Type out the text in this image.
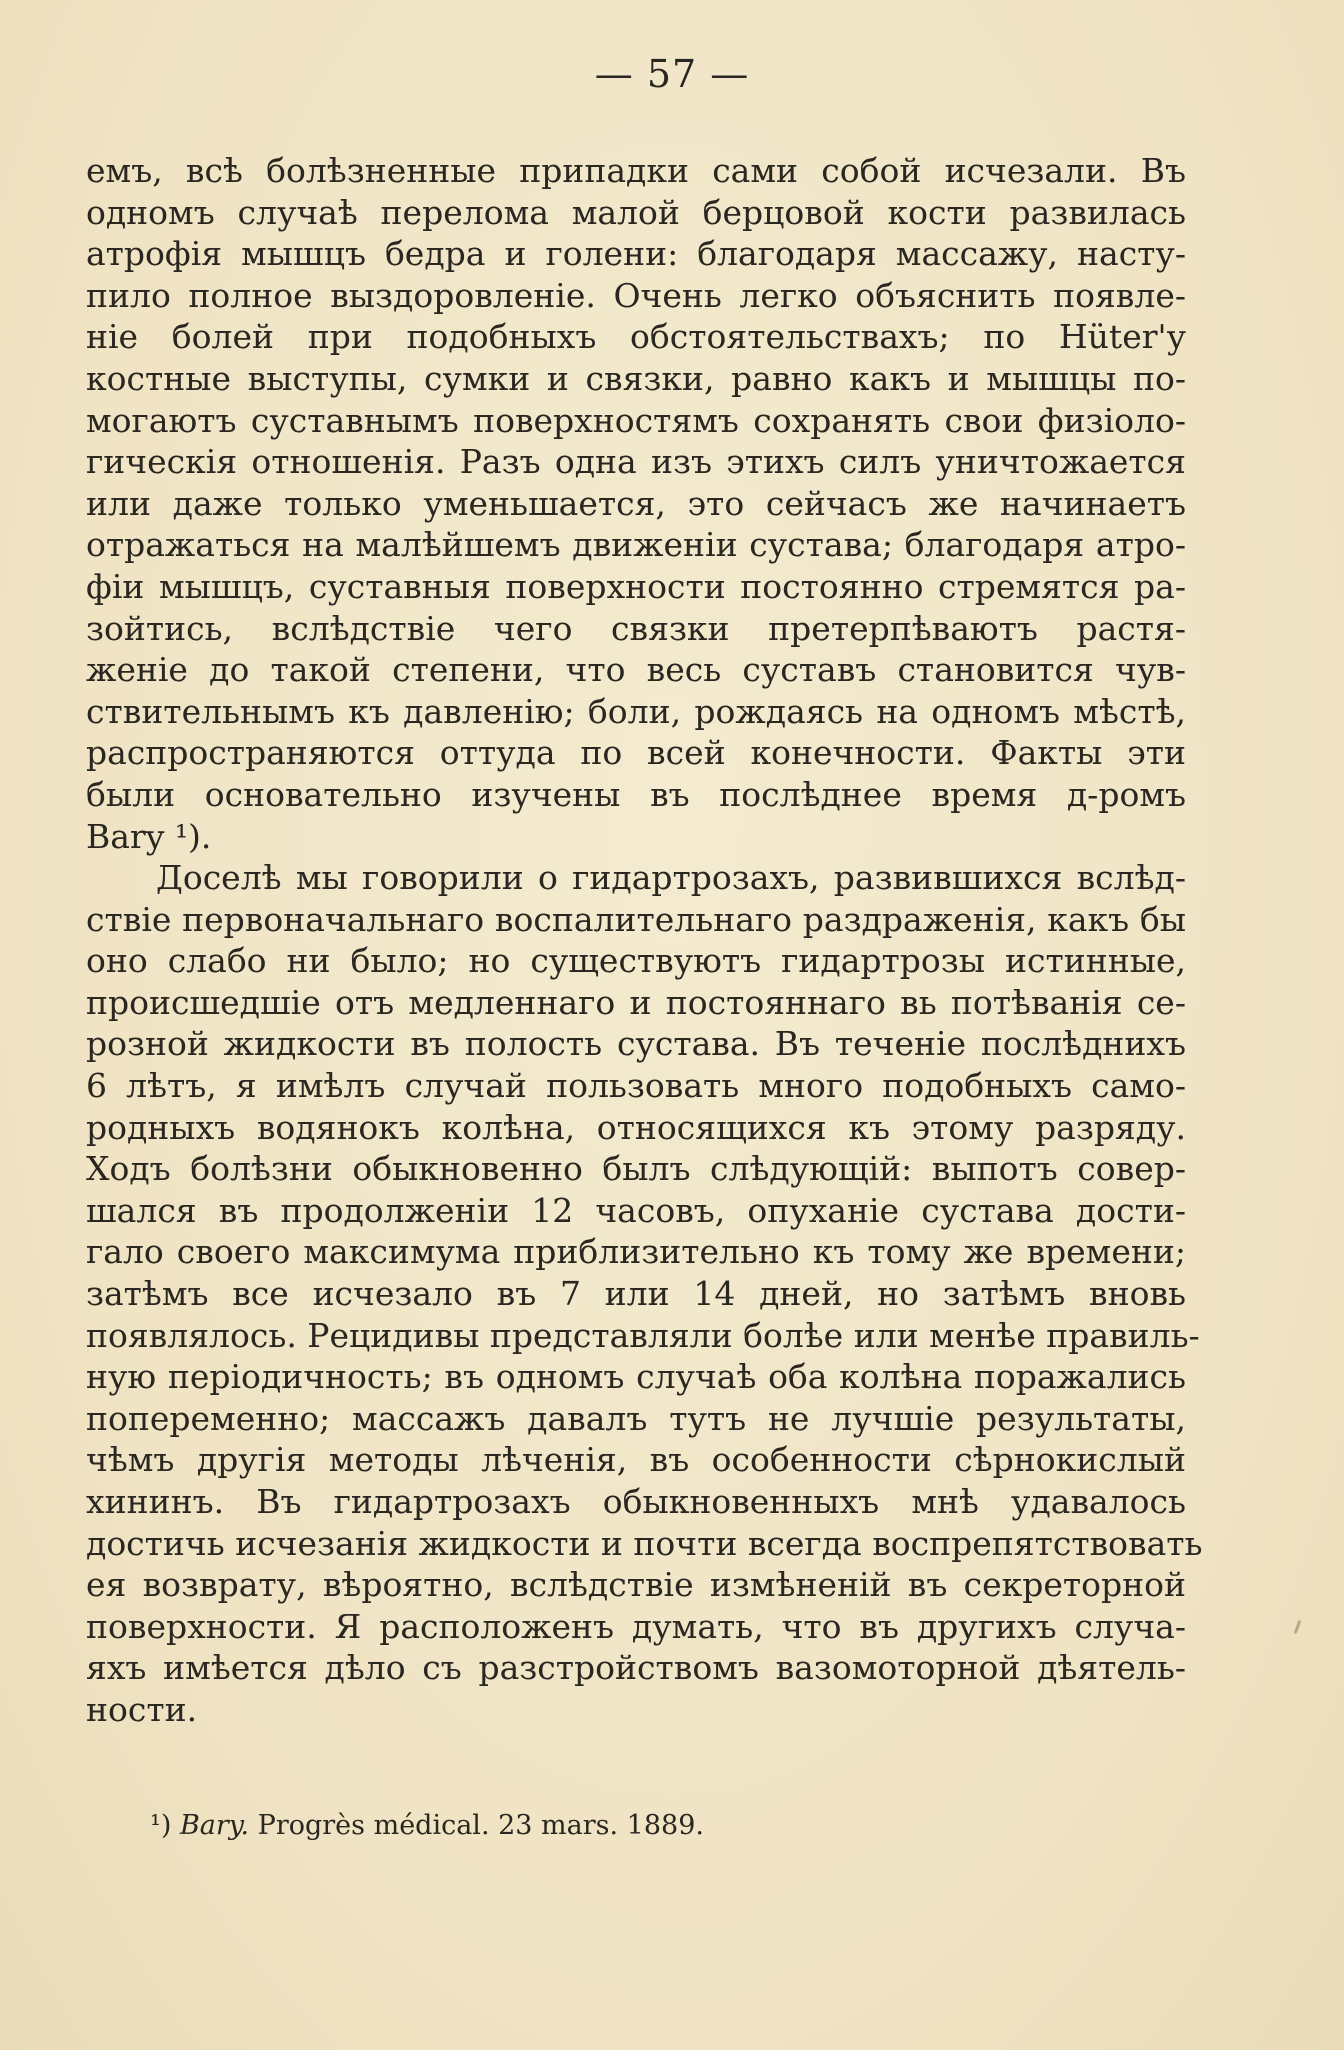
— 57 —
емъ, всѣ болѣзненные припадки сами собой исчезали. Въ
одномъ случаѣ перелома малой берцовой кости развилась
атрофія мышцъ бедра и голени: благодаря массажу, насту-
пило полное выздоровленіе. Очень легко объяснить появле-
ніе болей при подобныхъ обстоятельствахъ; по Hüter'у
костные выступы, сумки и связки, равно какъ и мышцы по-
могаютъ суставнымъ поверхностямъ сохранять свои физіоло-
гическія отношенія. Разъ одна изъ этихъ силъ уничтожается
или даже только уменьшается, это сейчасъ же начинаетъ
отражаться на малѣйшемъ движеніи сустава; благодаря атро-
фіи мышцъ, суставныя поверхности постоянно стремятся ра-
зойтись, вслѣдствіе чего связки претерпѣваютъ растя-
женіе до такой степени, что весь суставъ становится чув-
ствительнымъ къ давленію; боли, рождаясь на одномъ мѣстѣ,
распространяются оттуда по всей конечности. Факты эти
были основательно изучены въ послѣднее время д-ромъ
Bary ¹).
Доселѣ мы говорили о гидартрозахъ, развившихся вслѣд-
ствіе первоначальнаго воспалительнаго раздраженія, какъ бы
оно слабо ни было; но существуютъ гидартрозы истинные,
происшедшіе отъ медленнаго и постояннаго вь потѣванія се-
розной жидкости въ полость сустава. Въ теченіе послѣднихъ
6 лѣтъ, я имѣлъ случай пользовать много подобныхъ само-
родныхъ водянокъ колѣна, относящихся къ этому разряду.
Ходъ болѣзни обыкновенно былъ слѣдующій: выпотъ совер-
шался въ продолженіи 12 часовъ, опуханіе сустава дости-
гало своего максимума приблизительно къ тому же времени;
затѣмъ все исчезало въ 7 или 14 дней, но затѣмъ вновь
появлялось. Рецидивы представляли болѣе или менѣе правиль-
ную періодичность; въ одномъ случаѣ оба колѣна поражались
попеременно; массажъ давалъ тутъ не лучшіе результаты,
чѣмъ другія методы лѣченія, въ особенности сѣрнокислый
хининъ. Въ гидартрозахъ обыкновенныхъ мнѣ удавалось
достичь исчезанія жидкости и почти всегда воспрепятствовать
ея возврату, вѣроятно, вслѣдствіе измѣненій въ секреторной
поверхности. Я расположенъ думать, что въ другихъ случа-
яхъ имѣется дѣло съ разстройствомъ вазомоторной дѣятель-
ности.
¹) Bary. Progrès médical. 23 mars. 1889.
